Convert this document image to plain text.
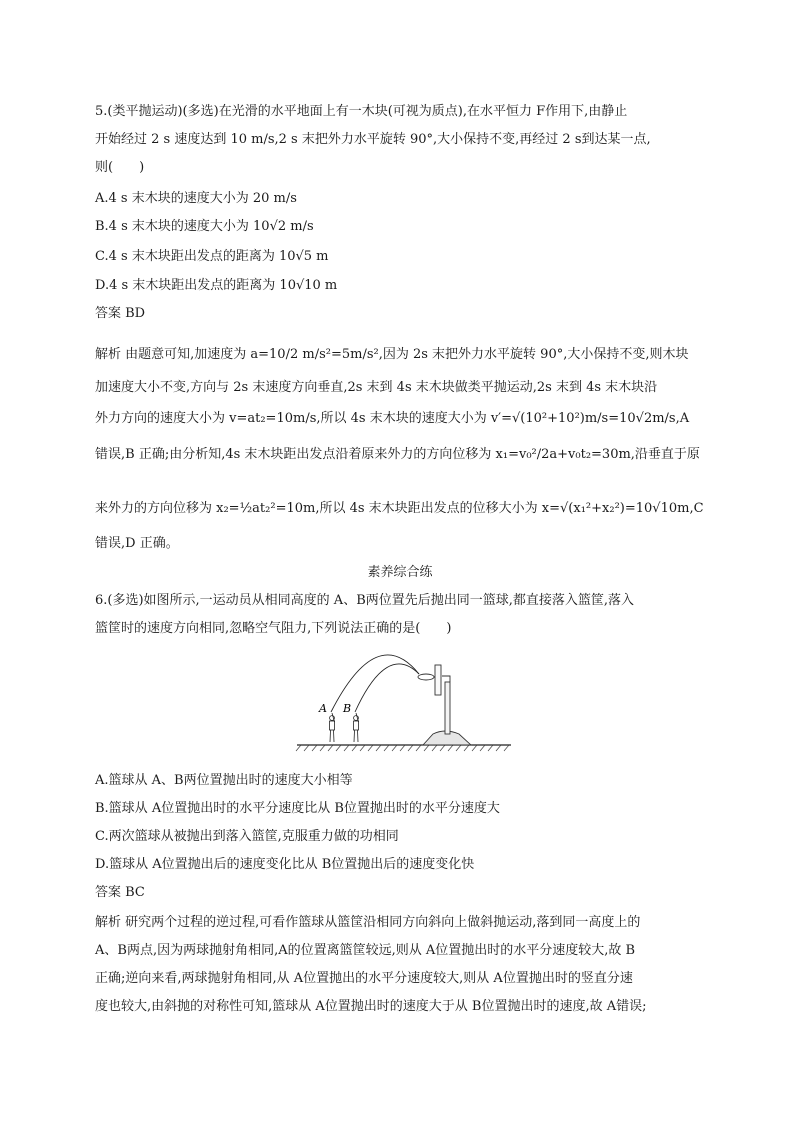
5.(类平抛运动)(多选)在光滑的水平地面上有一木块(可视为质点),在水平恒力 F作用下,由静止
开始经过 2 s 速度达到 10 m/s,2 s 末把外力水平旋转 90°,大小保持不变,再经过 2 s到达某一点,
则(　　)
A.4 s 末木块的速度大小为 20 m/s
B.4 s 末木块的速度大小为 10√2 m/s
C.4 s 末木块距出发点的距离为 10√5 m
D.4 s 末木块距出发点的距离为 10√10 m
答案 BD
解析 由题意可知,加速度为 a=10/2 m/s²=5m/s²,因为 2s 末把外力水平旋转 90°,大小保持不变,则木块
加速度大小不变,方向与 2s 末速度方向垂直,2s 末到 4s 末木块做类平抛运动,2s 末到 4s 末木块沿
外力方向的速度大小为 v=at₂=10m/s,所以 4s 末木块的速度大小为 v′=√(10²+10²)m/s=10√2m/s,A
错误,B 正确;由分析知,4s 末木块距出发点沿着原来外力的方向位移为 x₁=v₀²/2a+v₀t₂=30m,沿垂直于原
来外力的方向位移为 x₂=½at₂²=10m,所以 4s 末木块距出发点的位移大小为 x=√(x₁²+x₂²)=10√10m,C
错误,D 正确。
素养综合练
6.(多选)如图所示,一运动员从相同高度的 A、B两位置先后抛出同一篮球,都直接落入篮筐,落入
篮筐时的速度方向相同,忽略空气阻力,下列说法正确的是(　　)
A.篮球从 A、B两位置抛出时的速度大小相等
B.篮球从 A位置抛出时的水平分速度比从 B位置抛出时的水平分速度大
C.两次篮球从被抛出到落入篮筐,克服重力做的功相同
D.篮球从 A位置抛出后的速度变化比从 B位置抛出后的速度变化快
答案 BC
解析 研究两个过程的逆过程,可看作篮球从篮筐沿相同方向斜向上做斜抛运动,落到同一高度上的
A、B两点,因为两球抛射角相同,A的位置离篮筐较远,则从 A位置抛出时的水平分速度较大,故 B
正确;逆向来看,两球抛射角相同,从 A位置抛出的水平分速度较大,则从 A位置抛出时的竖直分速
度也较大,由斜抛的对称性可知,篮球从 A位置抛出时的速度大于从 B位置抛出时的速度,故 A错误;
A B
